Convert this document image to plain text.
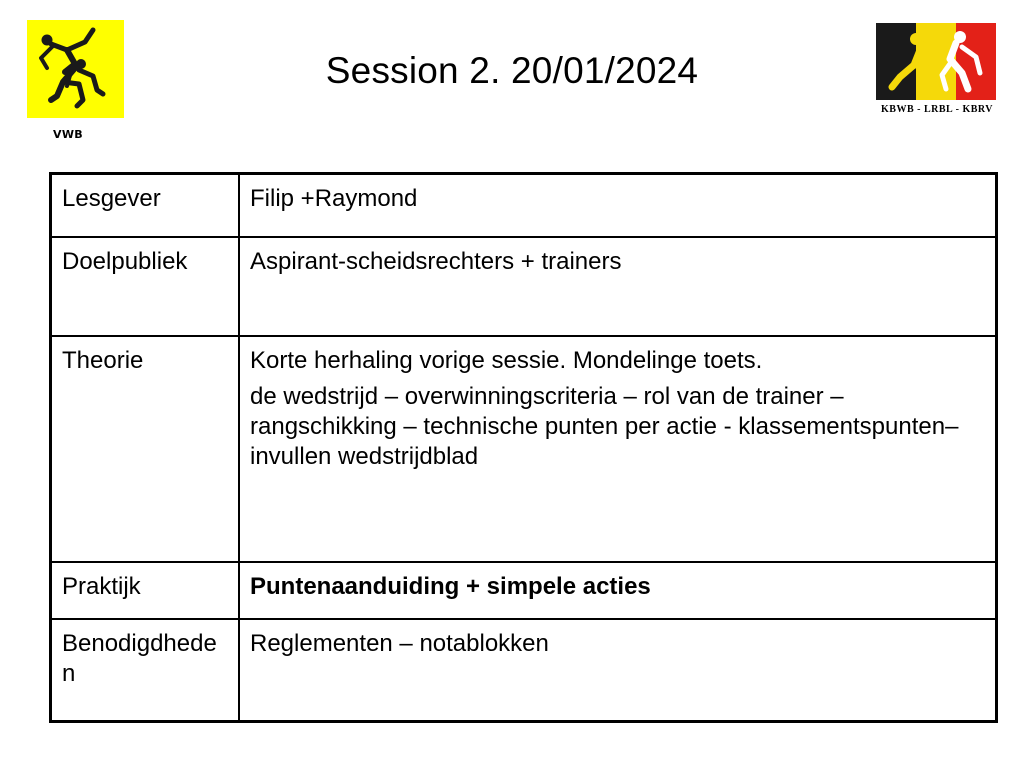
VWB
KBWB - LRBL - KBRV
Session 2. 20/01/2024
Lesgever	Filip +Raymond

Doelpubliek	Aspirant-scheidsrechters + trainers

Theorie	Korte herhaling vorige sessie. Mondelinge toets.

de wedstrijd – overwinningscriteria – rol van de trainer – rangschikking – technische punten per actie - klassementspunten– invullen wedstrijdblad

Praktijk	Puntenaanduiding + simpele acties

Benodigdheden	Reglementen – notablokken
